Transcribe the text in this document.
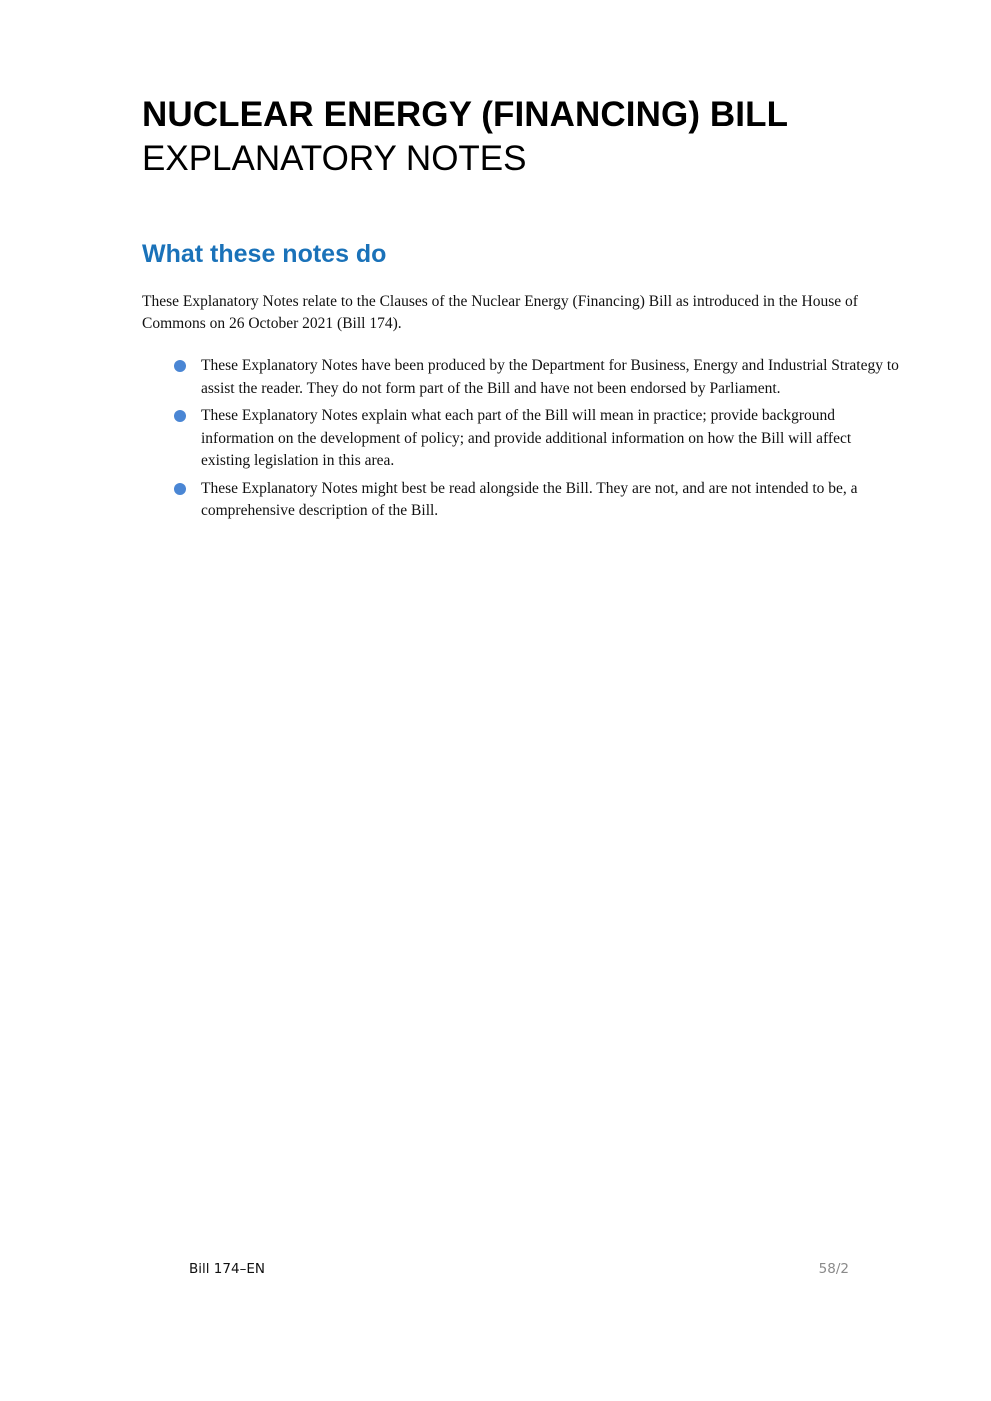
NUCLEAR ENERGY (FINANCING) BILL
EXPLANATORY NOTES
What these notes do

These Explanatory Notes relate to the Clauses of the Nuclear Energy (Financing) Bill as introduced in the House of Commons on 26 October 2021 (Bill 174).

These Explanatory Notes have been produced by the Department for Business, Energy and Industrial Strategy to assist the reader. They do not form part of the Bill and have not been endorsed by Parliament.
These Explanatory Notes explain what each part of the Bill will mean in practice; provide background information on the development of policy; and provide additional information on how the Bill will affect existing legislation in this area.
These Explanatory Notes might best be read alongside the Bill. They are not, and are not intended to be, a comprehensive description of the Bill.

Bill 174–EN	58/2
